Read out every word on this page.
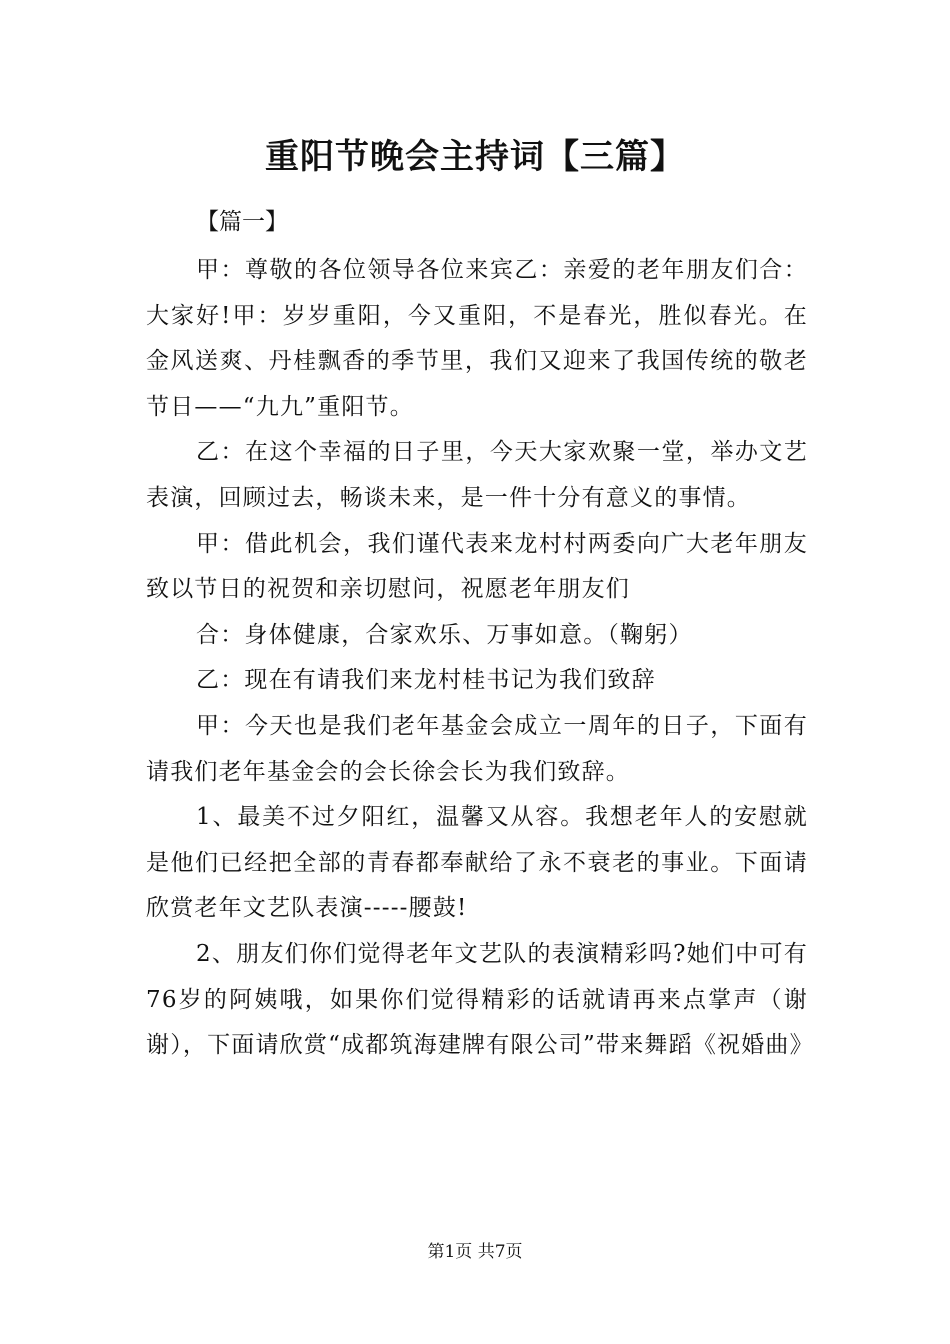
重阳节晚会主持词【三篇】
【篇一】

甲：尊敬的各位领导各位来宾乙：亲爱的老年朋友们合：大家好!甲：岁岁重阳，今又重阳，不是春光，胜似春光。在金风送爽、丹桂飘香的季节里，我们又迎来了我国传统的敬老节日——“九九”重阳节。

乙：在这个幸福的日子里，今天大家欢聚一堂，举办文艺表演，回顾过去，畅谈未来，是一件十分有意义的事情。

甲：借此机会，我们谨代表来龙村村两委向广大老年朋友致以节日的祝贺和亲切慰问，祝愿老年朋友们

合：身体健康，合家欢乐、万事如意。（鞠躬）

乙：现在有请我们来龙村桂书记为我们致辞

甲：今天也是我们老年基金会成立一周年的日子，下面有请我们老年基金会的会长徐会长为我们致辞。

1、最美不过夕阳红，温馨又从容。我想老年人的安慰就是他们已经把全部的青春都奉献给了永不衰老的事业。下面请欣赏老年文艺队表演-----腰鼓!

2、朋友们你们觉得老年文艺队的表演精彩吗?她们中可有76岁的阿姨哦，如果你们觉得精彩的话就请再来点掌声（谢谢），下面请欣赏“成都筑海建牌有限公司”带来舞蹈《祝婚曲》

第1页 共7页
